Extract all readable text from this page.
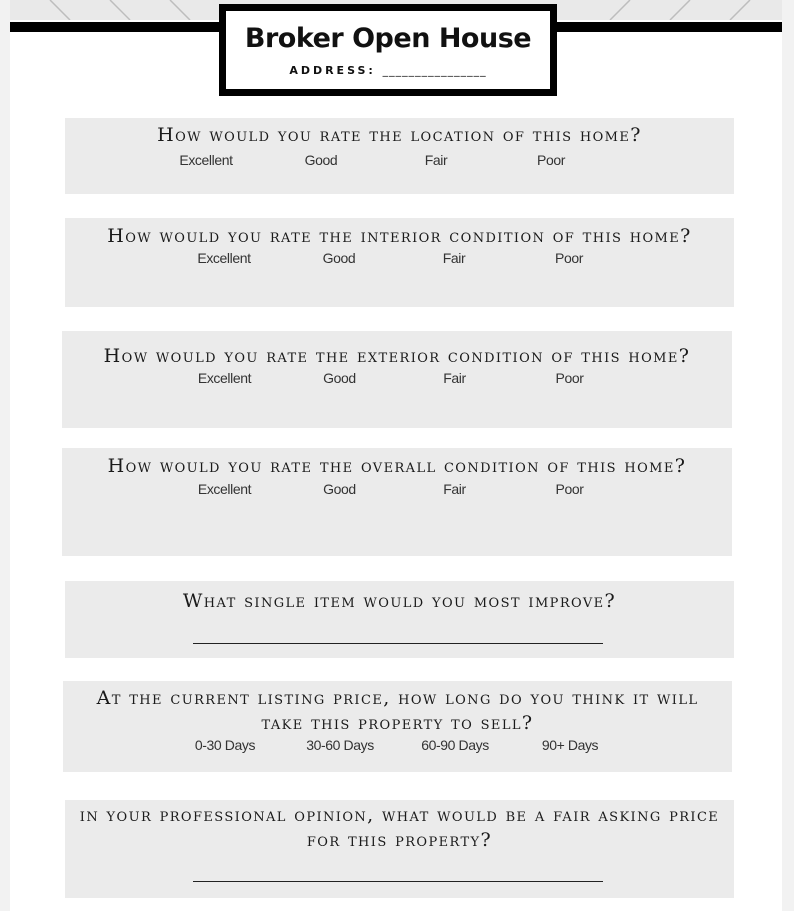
Broker Open House
ADDRESS: ________________
How would you rate the location of this home?
Excellent	Good	Fair	Poor
How would you rate the interior condition of this home?
Excellent	Good	Fair	Poor
How would you rate the exterior condition of this home?
Excellent	Good	Fair	Poor
How would you rate the overall condition of this home?
Excellent	Good	Fair	Poor
What single item would you most improve?
At the current listing price, how long do you think it will take this property to sell?
0-30 Days	30-60 Days	60-90 Days	90+ Days
in your professional opinion, what would be a fair asking price for this property?
